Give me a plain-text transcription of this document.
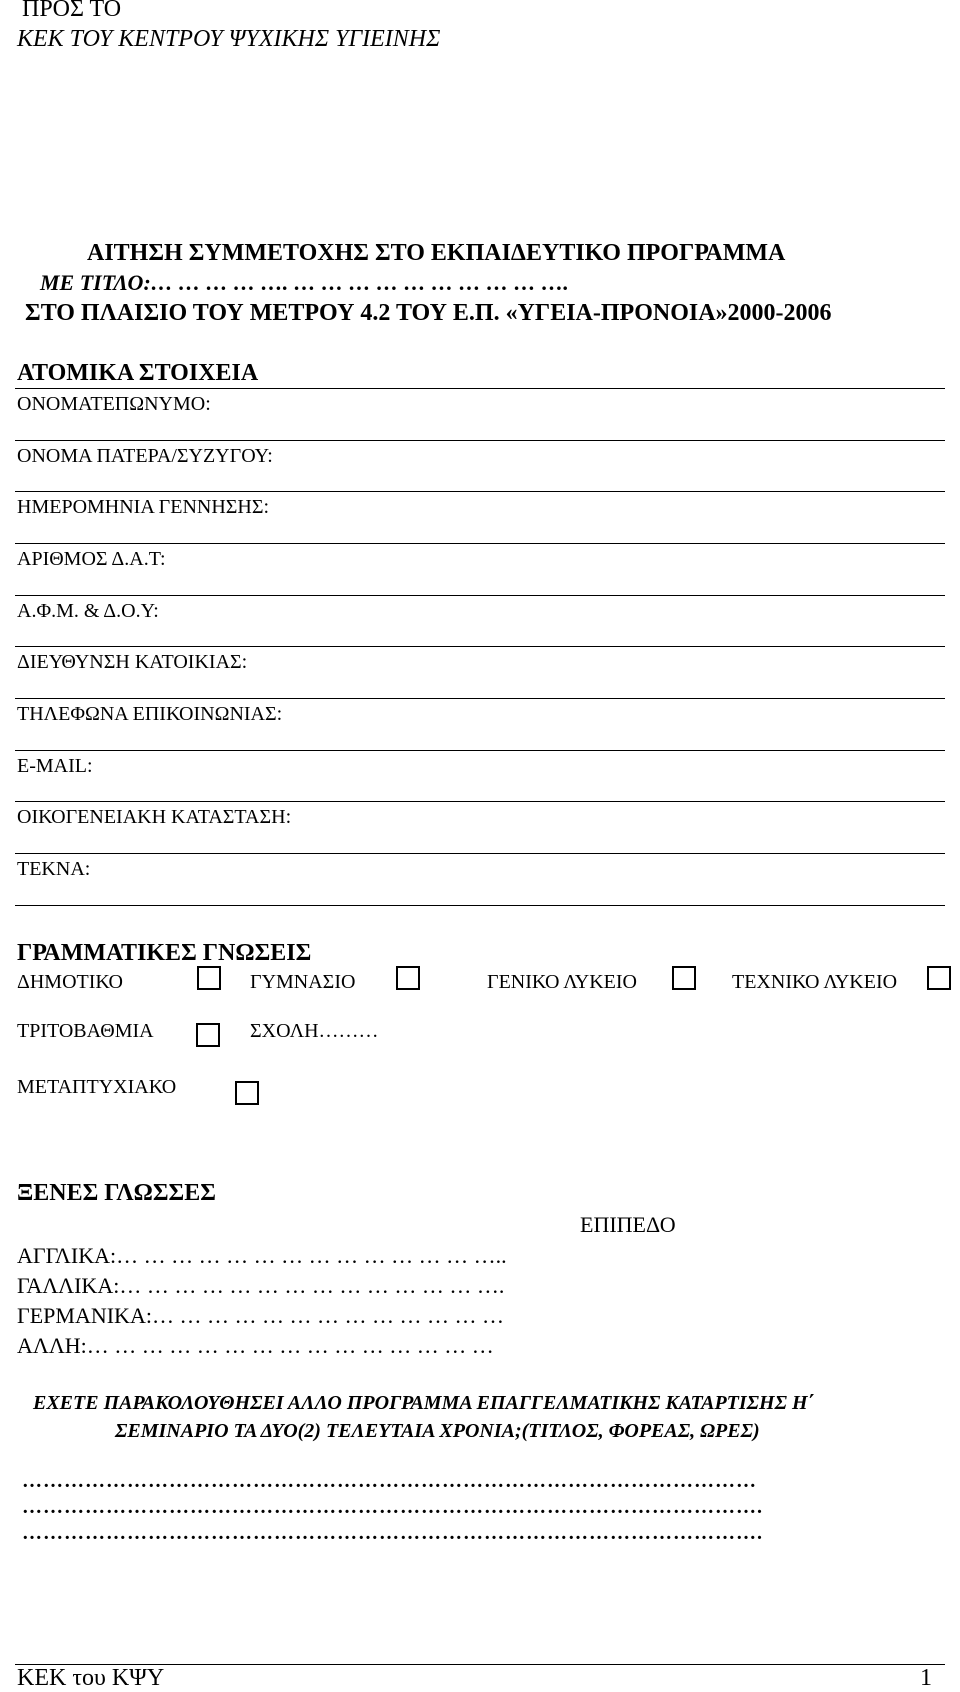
ΠΡΟΣ ΤΟ
ΚΕΚ ΤΟΥ ΚΕΝΤΡΟΥ ΨΥΧΙΚΗΣ ΥΓΙΕΙΝΗΣ
ΑΙΤΗΣΗ ΣΥΜΜΕΤΟΧΗΣ ΣΤΟ ΕΚΠΑΙΔΕΥΤΙΚΟ ΠΡΟΓΡΑΜΜΑ
ΜΕ ΤΙΤΛΟ:… … … … …. … … … … … … … … … ….
ΣΤΟ ΠΛΑΙΣΙΟ ΤΟΥ ΜΕΤΡΟΥ 4.2 ΤΟΥ Ε.Π. «ΥΓΕΙΑ-ΠΡΟΝΟΙΑ»2000-2006
ΑΤΟΜΙΚΑ ΣΤΟΙΧΕΙΑ
ΟΝΟΜΑΤΕΠΩΝΥΜΟ:
ΟΝΟΜΑ ΠΑΤΕΡΑ/ΣΥΖΥΓΟΥ:
ΗΜΕΡΟΜΗΝΙΑ ΓΕΝΝΗΣΗΣ:
ΑΡΙΘΜΟΣ Δ.Α.Τ:
Α.Φ.Μ. & Δ.Ο.Υ:
ΔΙΕΥΘΥΝΣΗ ΚΑΤΟΙΚΙΑΣ:
ΤΗΛΕΦΩΝΑ ΕΠΙΚΟΙΝΩΝΙΑΣ:
E-MAIL:
ΟΙΚΟΓΕΝΕΙΑΚΗ ΚΑΤΑΣΤΑΣΗ:
ΤΕΚΝΑ:
ΓΡΑΜΜΑΤΙΚΕΣ ΓΝΩΣΕΙΣ
ΔΗΜΟΤΙΚΟ	ΓΥΜΝΑΣΙΟ	ΓΕΝΙΚΟ ΛΥΚΕΙΟ	ΤΕΧΝΙΚΟ ΛΥΚΕΙΟ
ΤΡΙΤΟΒΑΘΜΙΑ	ΣΧΟΛΗ………
ΜΕΤΑΠΤΥΧΙΑΚΟ
ΞΕΝΕΣ ΓΛΩΣΣΕΣ
ΕΠΙΠΕΔΟ
ΑΓΓΛΙΚΑ:… … … … … … … … … … … … … …..
ΓΑΛΛΙΚΑ:… … … … … … … … … … … … … ….
ΓΕΡΜΑΝΙΚΑ:… … … … … … … … … … … … …
ΑΛΛΗ:… … … … … … … … … … … … … … …
ΕΧΕΤΕ ΠΑΡΑΚΟΛΟΥΘΗΣΕΙ ΑΛΛΟ ΠΡΟΓΡΑΜΜΑ ΕΠΑΓΓΕΛΜΑΤΙΚΗΣ ΚΑΤΑΡΤΙΣΗΣ Η΄
ΣΕΜΙΝΑΡΙΟ ΤΑ ΔΥΟ(2) ΤΕΛΕΥΤΑΙΑ ΧΡΟΝΙΑ;(ΤΙΤΛΟΣ, ΦΟΡΕΑΣ, ΩΡΕΣ)
……………………………………………………………………………………………
…………………………………………………………………………………………….
…………………………………………………………………………………………….
ΚΕΚ του ΚΨΥ	1
